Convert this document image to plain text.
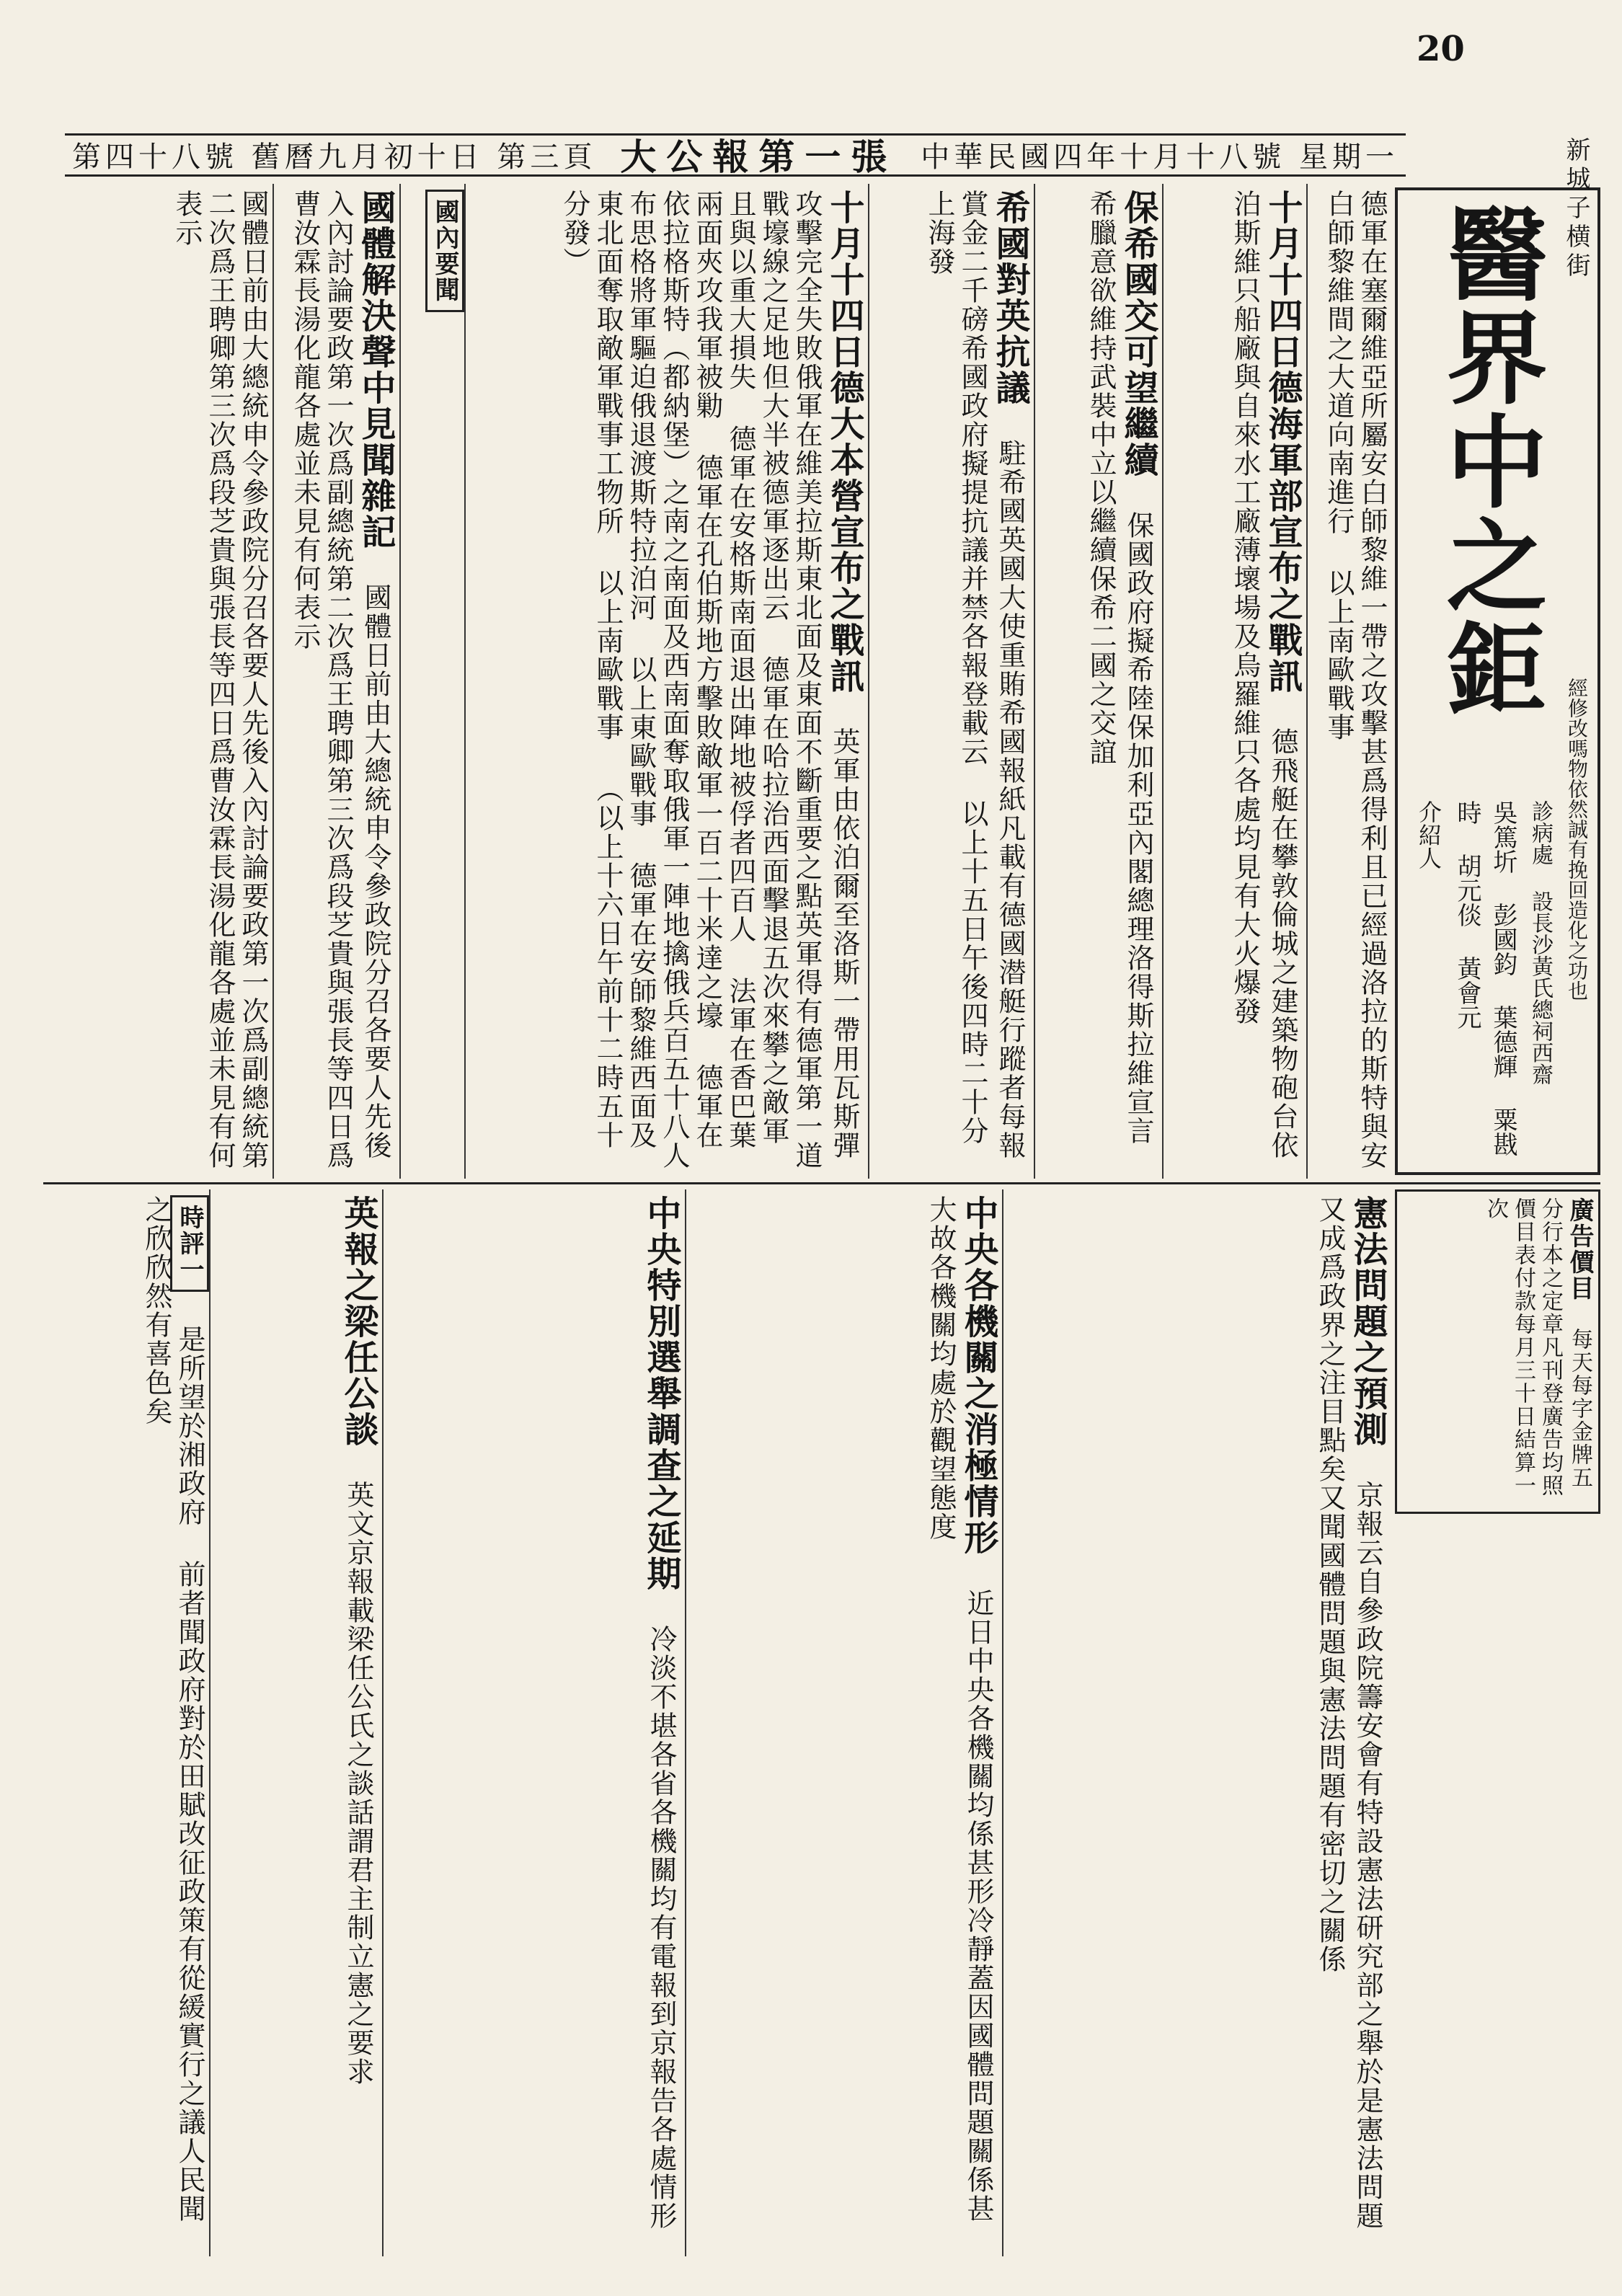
20
第四十八號 舊曆九月初十日 第三頁 大公報第一張 中華民國四年十月十八號 星期一
醫界中之鉅
新城子横街
經修改嗎物依然誠有挽回造化之功也
介紹人	吳篤圻 彭國鈞 葉德輝 粟戡時 胡元倓 黃會元	診病處 設長沙黃氏總祠西齋
德軍在塞爾維亞所屬安白師黎維一帶之攻擊甚爲得利且已經過洛拉的斯特與安白師黎維間之大道向南進行 以上南歐戰事
十月十四日德海軍部宣布之戰訊 德飛艇在攀敦倫城之建築物砲台依泊斯維只船廠與自來水工廠薄壞場及烏羅維只各處均見有大火爆發
保希國交可望繼續 保國政府擬希陸保加利亞內閣總理洛得斯拉維宣言希臘意欲維持武裝中立以繼續保希二國之交誼
希國對英抗議 駐希國英國大使重賄希國報紙凡載有德國潜艇行蹤者每報賞金二千磅希國政府擬提抗議并禁各報登載云 以上十五日午後四時二十分上海發
十月十四日德大本營宣布之戰訊 英軍由依泊爾至洛斯一帶用瓦斯彈攻擊完全失敗俄軍在維美拉斯東北面及東面不斷重要之點英軍得有德軍第一道戰壕線之足地但大半被德軍逐出云 德軍在哈拉治西面擊退五次來攀之敵軍且與以重大損失 德軍在安格斯南面退出陣地被俘者四百人 法軍在香巴葉兩面夾攻我軍被勦 德軍在孔伯斯地方擊敗敵軍一百二十米達之壕 德軍在依拉格斯特（都納堡）之南之南面及西南面奪取俄軍一陣地擒俄兵百五十八人 布思格將軍驅迫俄退渡斯特拉泊河 以上東歐戰事 德軍在安師黎維西面及東北面奪取敵軍戰事工物所 以上南歐戰事 （以上十六日午前十二時五十分發）
國內要聞
國體解決聲中見聞雜記 國體日前由大總統申令參政院分召各要人先後入內討論要政第一次爲副總統第二次爲王聘卿第三次爲段芝貴與張長等四日爲曹汝霖長湯化龍各處並未見有何表示
國體日前由大總統申令參政院分召各要人先後入內討論要政第一次爲副總統第二次爲王聘卿第三次爲段芝貴與張長等四日爲曹汝霖長湯化龍各處並未見有何表示
憲法問題之預測 京報云自參政院籌安會有特設憲法研究部之舉於是憲法問題又成爲政界之注目點矣又聞國體問題與憲法問題有密切之關係
中央各機關之消極情形 近日中央各機關均係甚形冷靜蓋因國體問題關係甚大故各機關均處於觀望態度
中央特別選舉調查之延期 冷淡不堪各省各機關均有電報到京報告各處情形
英報之梁任公談 英文京報載梁任公氏之談話謂君主制立憲之要求
時評一 是所望於湘政府 前者聞政府對於田賦改征政策有從緩實行之議人民聞之欣欣然有喜色矣	廣告價目 每天每字金牌五分行本之定章凡刊登廣告均照價目表付款每月三十日結算一次
